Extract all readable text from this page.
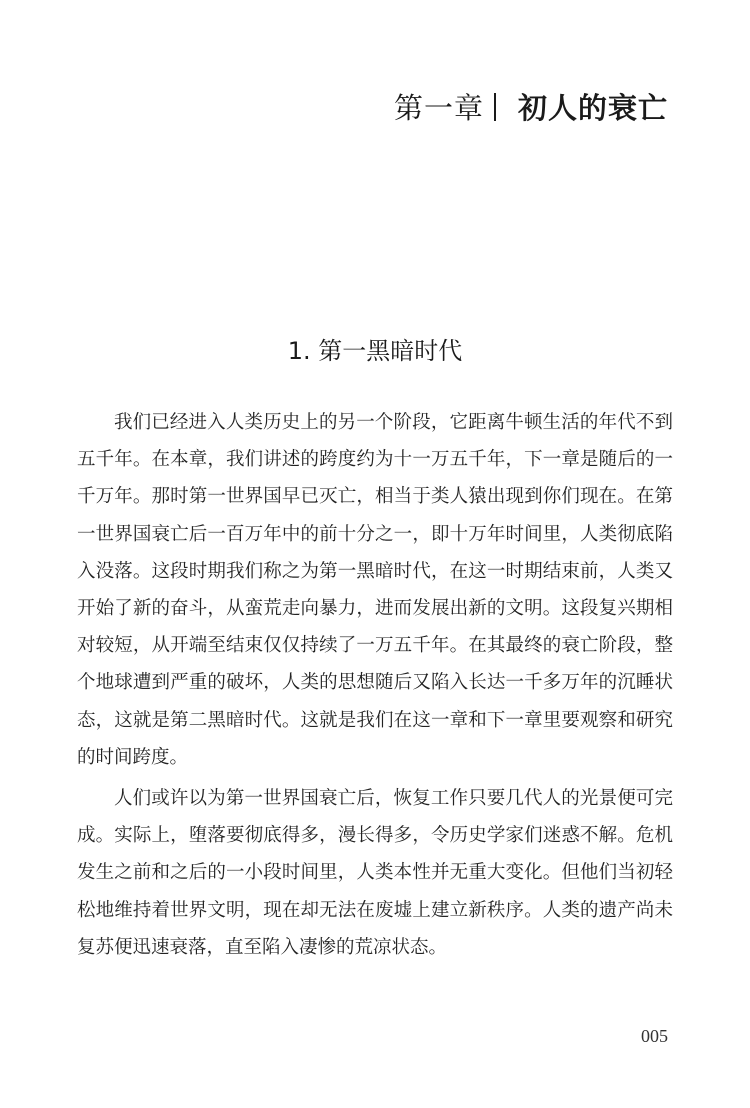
第一章 初人的衰亡
1. 第一黑暗时代

我们已经进入人类历史上的另一个阶段，它距离牛顿生活的年代不到五千年。在本章，我们讲述的跨度约为十一万五千年，下一章是随后的一千万年。那时第一世界国早已灭亡，相当于类人猿出现到你们现在。在第一世界国衰亡后一百万年中的前十分之一，即十万年时间里，人类彻底陷入没落。这段时期我们称之为第一黑暗时代，在这一时期结束前，人类又开始了新的奋斗，从蛮荒走向暴力，进而发展出新的文明。这段复兴期相对较短，从开端至结束仅仅持续了一万五千年。在其最终的衰亡阶段，整个地球遭到严重的破坏，人类的思想随后又陷入长达一千多万年的沉睡状态，这就是第二黑暗时代。这就是我们在这一章和下一章里要观察和研究的时间跨度。

人们或许以为第一世界国衰亡后，恢复工作只要几代人的光景便可完成。实际上，堕落要彻底得多，漫长得多，令历史学家们迷惑不解。危机发生之前和之后的一小段时间里，人类本性并无重大变化。但他们当初轻松地维持着世界文明，现在却无法在废墟上建立新秩序。人类的遗产尚未复苏便迅速衰落，直至陷入凄惨的荒凉状态。

005
